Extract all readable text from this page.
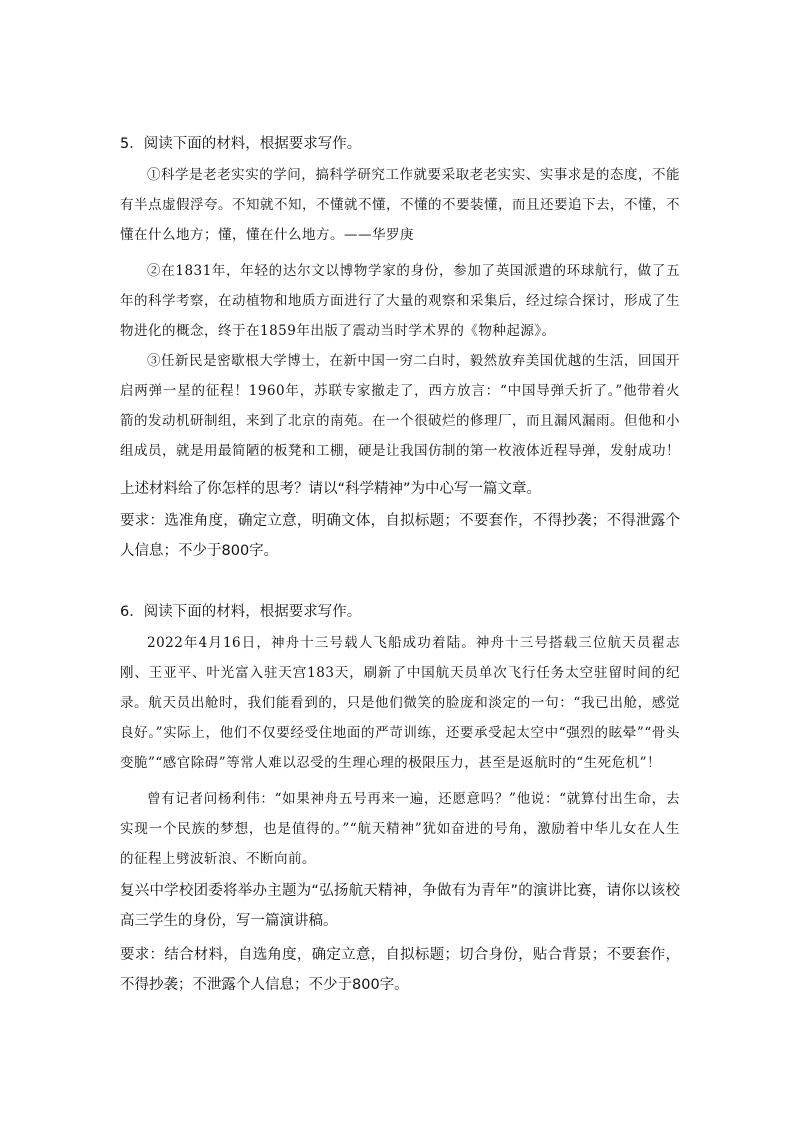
5．阅读下面的材料，根据要求写作。
①科学是老老实实的学问，搞科学研究工作就要采取老老实实、实事求是的态度，不能有半点虚假浮夸。不知就不知，不懂就不懂，不懂的不要装懂，而且还要追下去，不懂，不懂在什么地方；懂，懂在什么地方。——华罗庚
②在1831年，年轻的达尔文以博物学家的身份，参加了英国派遣的环球航行，做了五年的科学考察，在动植物和地质方面进行了大量的观察和采集后，经过综合探讨，形成了生物进化的概念，终于在1859年出版了震动当时学术界的《物种起源》。
③任新民是密歇根大学博士，在新中国一穷二白时，毅然放弃美国优越的生活，回国开启两弹一星的征程！1960年，苏联专家撤走了，西方放言：“中国导弹夭折了。”他带着火箭的发动机研制组，来到了北京的南苑。在一个很破烂的修理厂，而且漏风漏雨。但他和小组成员，就是用最简陋的板凳和工棚，硬是让我国仿制的第一枚液体近程导弹，发射成功！
上述材料给了你怎样的思考？请以“科学精神”为中心写一篇文章。
要求：选准角度，确定立意，明确文体，自拟标题；不要套作，不得抄袭；不得泄露个人信息；不少于800字。
6．阅读下面的材料，根据要求写作。
2022年4月16日，神舟十三号载人飞船成功着陆。神舟十三号搭载三位航天员翟志刚、王亚平、叶光富入驻天宫183天，刷新了中国航天员单次飞行任务太空驻留时间的纪录。航天员出舱时，我们能看到的，只是他们微笑的脸庞和淡定的一句：“我已出舱，感觉良好。”实际上，他们不仅要经受住地面的严苛训练，还要承受起太空中“强烈的眩晕”“骨头变脆”“感官除碍”等常人难以忍受的生理心理的极限压力，甚至是返航时的“生死危机”！
曾有记者问杨利伟：“如果神舟五号再来一遍，还愿意吗？”他说：“就算付出生命，去实现一个民族的梦想，也是值得的。”“航天精神”犹如奋进的号角，激励着中华儿女在人生的征程上劈波斩浪、不断向前。
复兴中学校团委将举办主题为“弘扬航天精神，争做有为青年”的演讲比赛，请你以该校高三学生的身份，写一篇演讲稿。
要求：结合材料，自选角度，确定立意，自拟标题；切合身份，贴合背景；不要套作，不得抄袭；不泄露个人信息；不少于800字。
